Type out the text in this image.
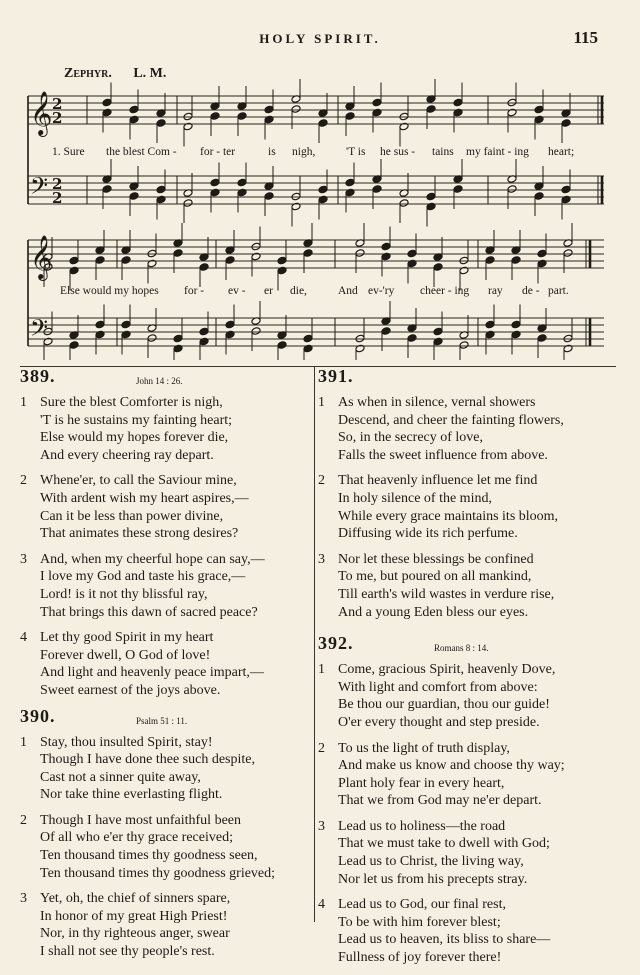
HOLY SPIRIT.	115
Zephyr. L. M.
𝄞
𝄢
2
2
2
2
𝄞
𝄢
1. Sure the blest Com - for - ter	is nigh,	'T is he sus - tains my faint - ing heart;
Else would my hopes for - ev - er die,	And ev-'ry cheer - ing ray de - part.
389.	John 14 : 26.
1 Sure the blest Comforter is nigh,
'T is he sustains my fainting heart;
Else would my hopes forever die,
And every cheering ray depart.
2 Whene'er, to call the Saviour mine,
With ardent wish my heart aspires,—
Can it be less than power divine,
That animates these strong desires?
3 And, when my cheerful hope can say,—
I love my God and taste his grace,—
Lord! is it not thy blissful ray,
That brings this dawn of sacred peace?
4 Let thy good Spirit in my heart
Forever dwell, O God of love!
And light and heavenly peace impart,—
Sweet earnest of the joys above.
390.	Psalm 51 : 11.
1 Stay, thou insulted Spirit, stay!
Though I have done thee such despite,
Cast not a sinner quite away,
Nor take thine everlasting flight.
2 Though I have most unfaithful been
Of all who e'er thy grace received;
Ten thousand times thy goodness seen,
Ten thousand times thy goodness grieved;
3 Yet, oh, the chief of sinners spare,
In honor of my great High Priest!
Nor, in thy righteous anger, swear
I shall not see thy people's rest.
391.
1 As when in silence, vernal showers
Descend, and cheer the fainting flowers,
So, in the secrecy of love,
Falls the sweet influence from above.
2 That heavenly influence let me find
In holy silence of the mind,
While every grace maintains its bloom,
Diffusing wide its rich perfume.
3 Nor let these blessings be confined
To me, but poured on all mankind,
Till earth's wild wastes in verdure rise,
And a young Eden bless our eyes.
392.	Romans 8 : 14.
1 Come, gracious Spirit, heavenly Dove,
With light and comfort from above:
Be thou our guardian, thou our guide!
O'er every thought and step preside.
2 To us the light of truth display,
And make us know and choose thy way;
Plant holy fear in every heart,
That we from God may ne'er depart.
3 Lead us to holiness—the road
That we must take to dwell with God;
Lead us to Christ, the living way,
Nor let us from his precepts stray.
4 Lead us to God, our final rest,
To be with him forever blest;
Lead us to heaven, its bliss to share—
Fullness of joy forever there!
